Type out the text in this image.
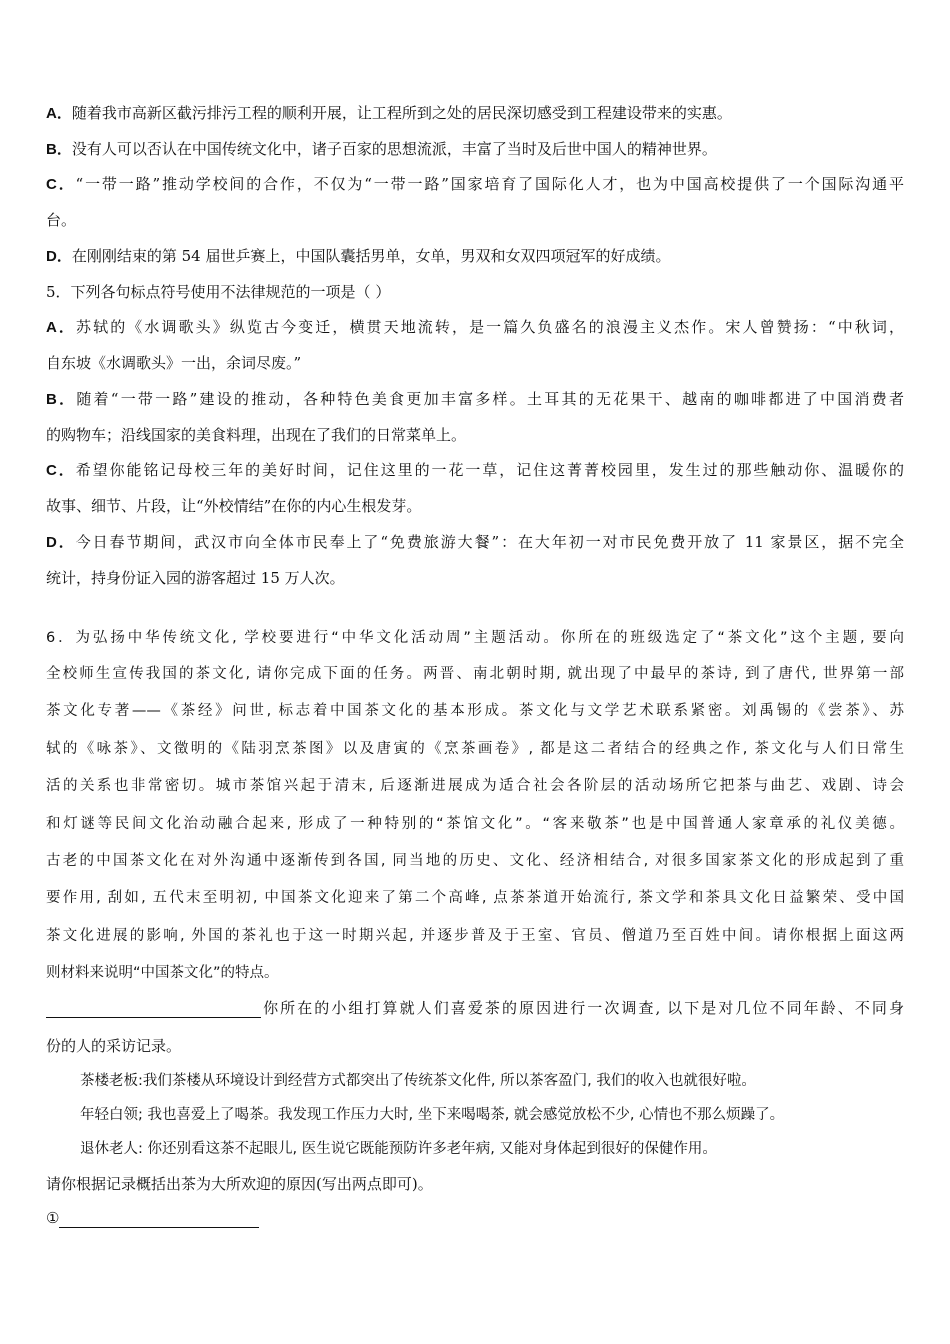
A．随着我市高新区截污排污工程的顺利开展，让工程所到之处的居民深切感受到工程建设带来的实惠。
B．没有人可以否认在中国传统文化中，诸子百家的思想流派，丰富了当时及后世中国人的精神世界。
C．“一带一路”推动学校间的合作，不仅为“一带一路”国家培育了国际化人才，也为中国高校提供了一个国际沟通平
台。
D．在刚刚结束的第 54 届世乒赛上，中国队囊括男单，女单，男双和女双四项冠军的好成绩。
5．下列各句标点符号使用不法律规范的一项是（ ）
A．苏轼的《水调歌头》纵览古今变迁，横贯天地流转，是一篇久负盛名的浪漫主义杰作。宋人曾赞扬：“中秋词，
自东坡《水调歌头》一出，余词尽废。”
B．随着“一带一路”建设的推动，各种特色美食更加丰富多样。土耳其的无花果干、越南的咖啡都进了中国消费者
的购物车；沿线国家的美食料理，出现在了我们的日常菜单上。
C．希望你能铭记母校三年的美好时间，记住这里的一花一草，记住这菁菁校园里，发生过的那些触动你、温暖你的
故事、细节、片段，让“外校情结”在你的内心生根发芽。
D．今日春节期间，武汉市向全体市民奉上了“免费旅游大餐”：在大年初一对市民免费开放了 11 家景区，据不完全
统计，持身份证入园的游客超过 15 万人次。
6．为弘扬中华传统文化, 学校要进行“中华文化活动周”主题活动。你所在的班级选定了“茶文化”这个主题, 要向
全校师生宣传我国的茶文化, 请你完成下面的任务。两晋、南北朝时期, 就出现了中最早的茶诗, 到了唐代, 世界第一部
茶文化专著——《茶经》问世, 标志着中国茶文化的基本形成。茶文化与文学艺术联系紧密。刘禹锡的《尝茶》、苏
轼的《咏茶》、文徵明的《陆羽烹茶图》以及唐寅的《烹茶画卷》, 都是这二者结合的经典之作, 茶文化与人们日常生
活的关系也非常密切。城市茶馆兴起于清末, 后逐渐进展成为适合社会各阶层的活动场所它把茶与曲艺、戏剧、诗会
和灯谜等民间文化治动融合起来, 形成了一种特别的“茶馆文化”。“客来敬茶”也是中国普通人家章承的礼仪美德。
古老的中国茶文化在对外沟通中逐渐传到各国, 同当地的历史、文化、经济相结合, 对很多国家茶文化的形成起到了重
要作用, 刮如, 五代末至明初, 中国茶文化迎来了第二个高峰, 点茶茶道开始流行, 茶文学和茶具文化日益繁荣、受中国
茶文化进展的影响, 外国的茶礼也于这一时期兴起, 并逐步普及于王室、官员、僧道乃至百姓中间。请你根据上面这两
则材料来说明“中国茶文化”的特点。
你所在的小组打算就人们喜爱茶的原因进行一次调查, 以下是对几位不同年龄、不同身
份的人的采访记录。
茶楼老板:我们茶楼从环境设计到经营方式都突出了传统茶文化件, 所以茶客盈门, 我们的收入也就很好啦。
年轻白领; 我也喜爱上了喝茶。我发现工作压力大时, 坐下来喝喝茶, 就会感觉放松不少, 心情也不那么烦躁了。
退休老人: 你还别看这茶不起眼儿, 医生说它既能预防许多老年病, 又能对身体起到很好的保健作用。
请你根据记录概括出茶为大所欢迎的原因(写出两点即可)。
①
